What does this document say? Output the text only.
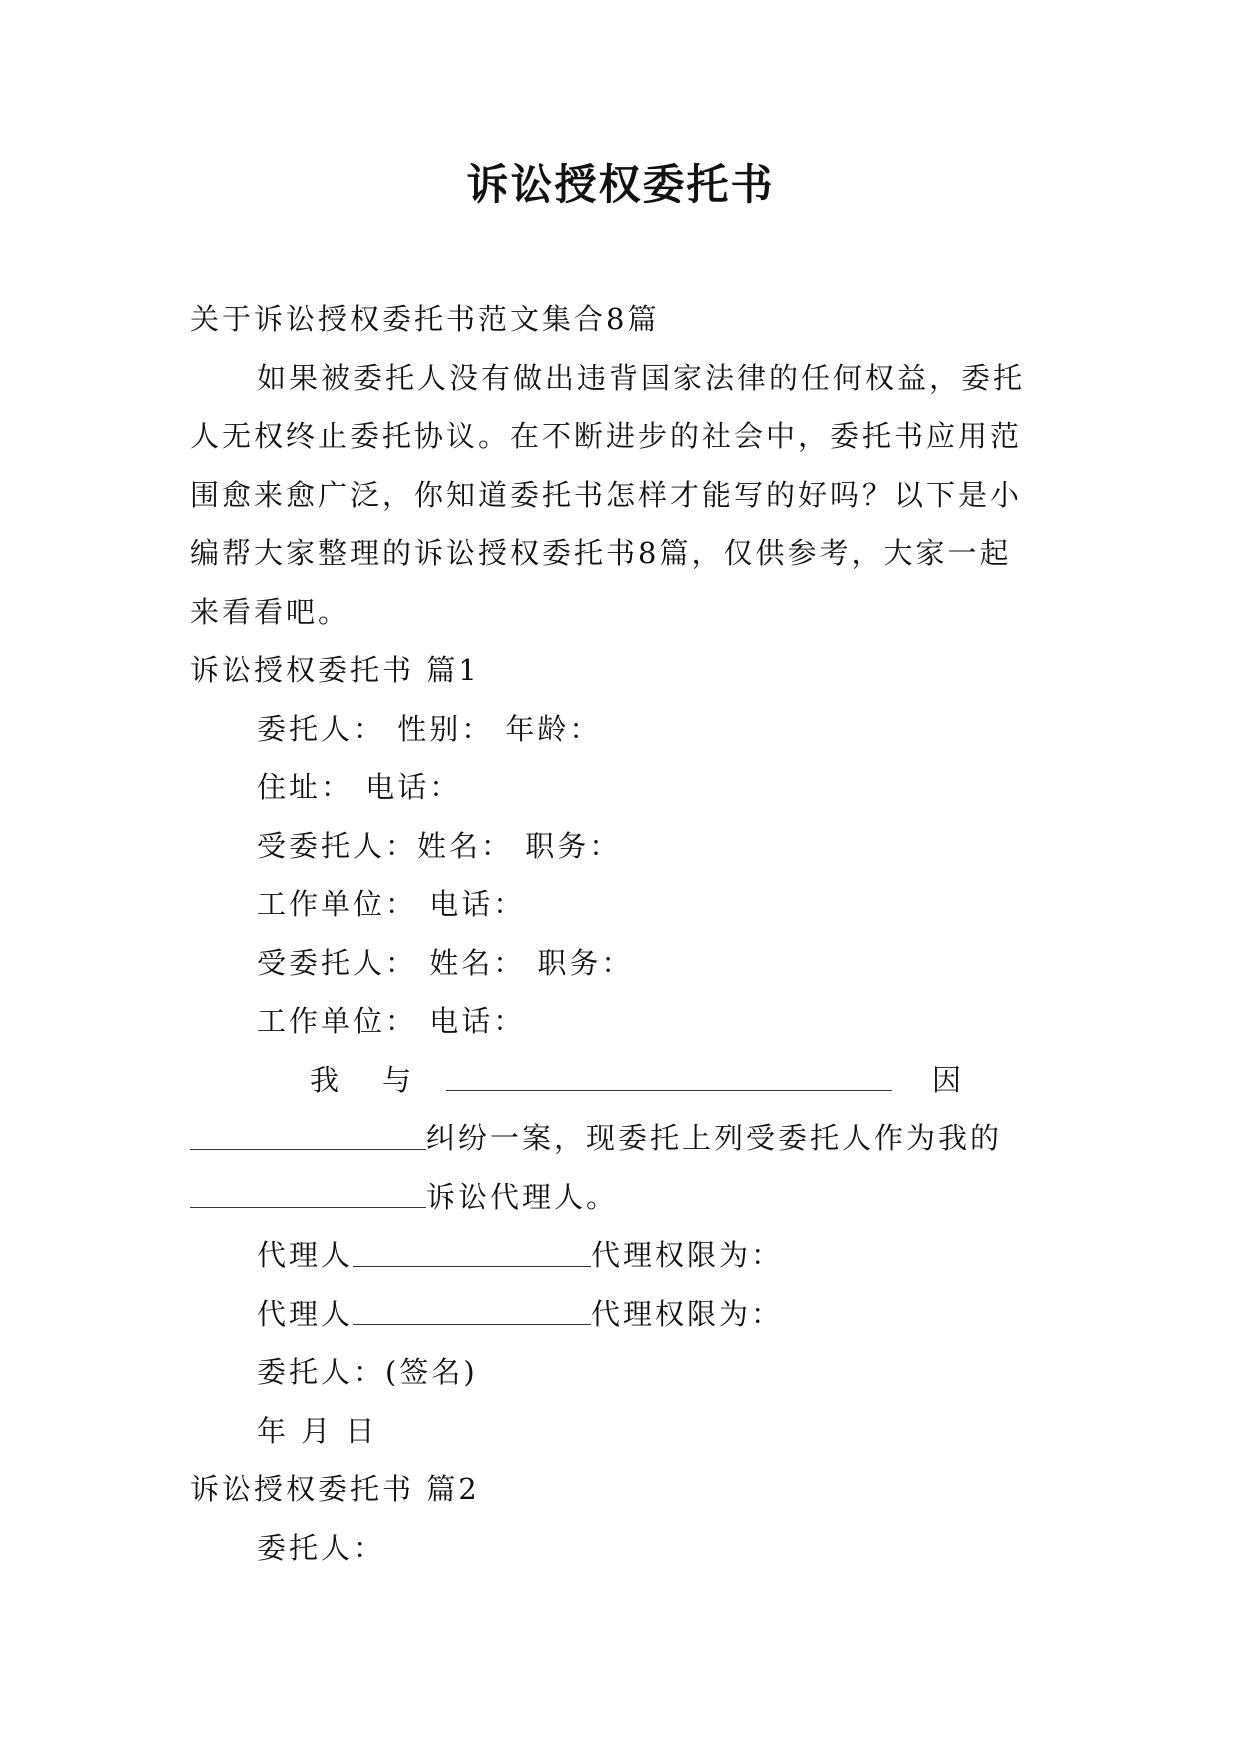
诉讼授权委托书
关于诉讼授权委托书范文集合8篇
如果被委托人没有做出违背国家法律的任何权益，委托
人无权终止委托协议。在不断进步的社会中，委托书应用范
围愈来愈广泛，你知道委托书怎样才能写的好吗？以下是小
编帮大家整理的诉讼授权委托书8篇，仅供参考，大家一起
来看看吧。
诉讼授权委托书 篇1
委托人： 性别： 年龄：
住址： 电话：
受委托人：姓名： 职务：
工作单位： 电话：
受委托人： 姓名： 职务：
工作单位： 电话：
我 与	因
纠纷一案，现委托上列受委托人作为我的
诉讼代理人。
代理人	代理权限为：
代理人	代理权限为：
委托人：(签名)
年 月 日
诉讼授权委托书 篇2
委托人：
